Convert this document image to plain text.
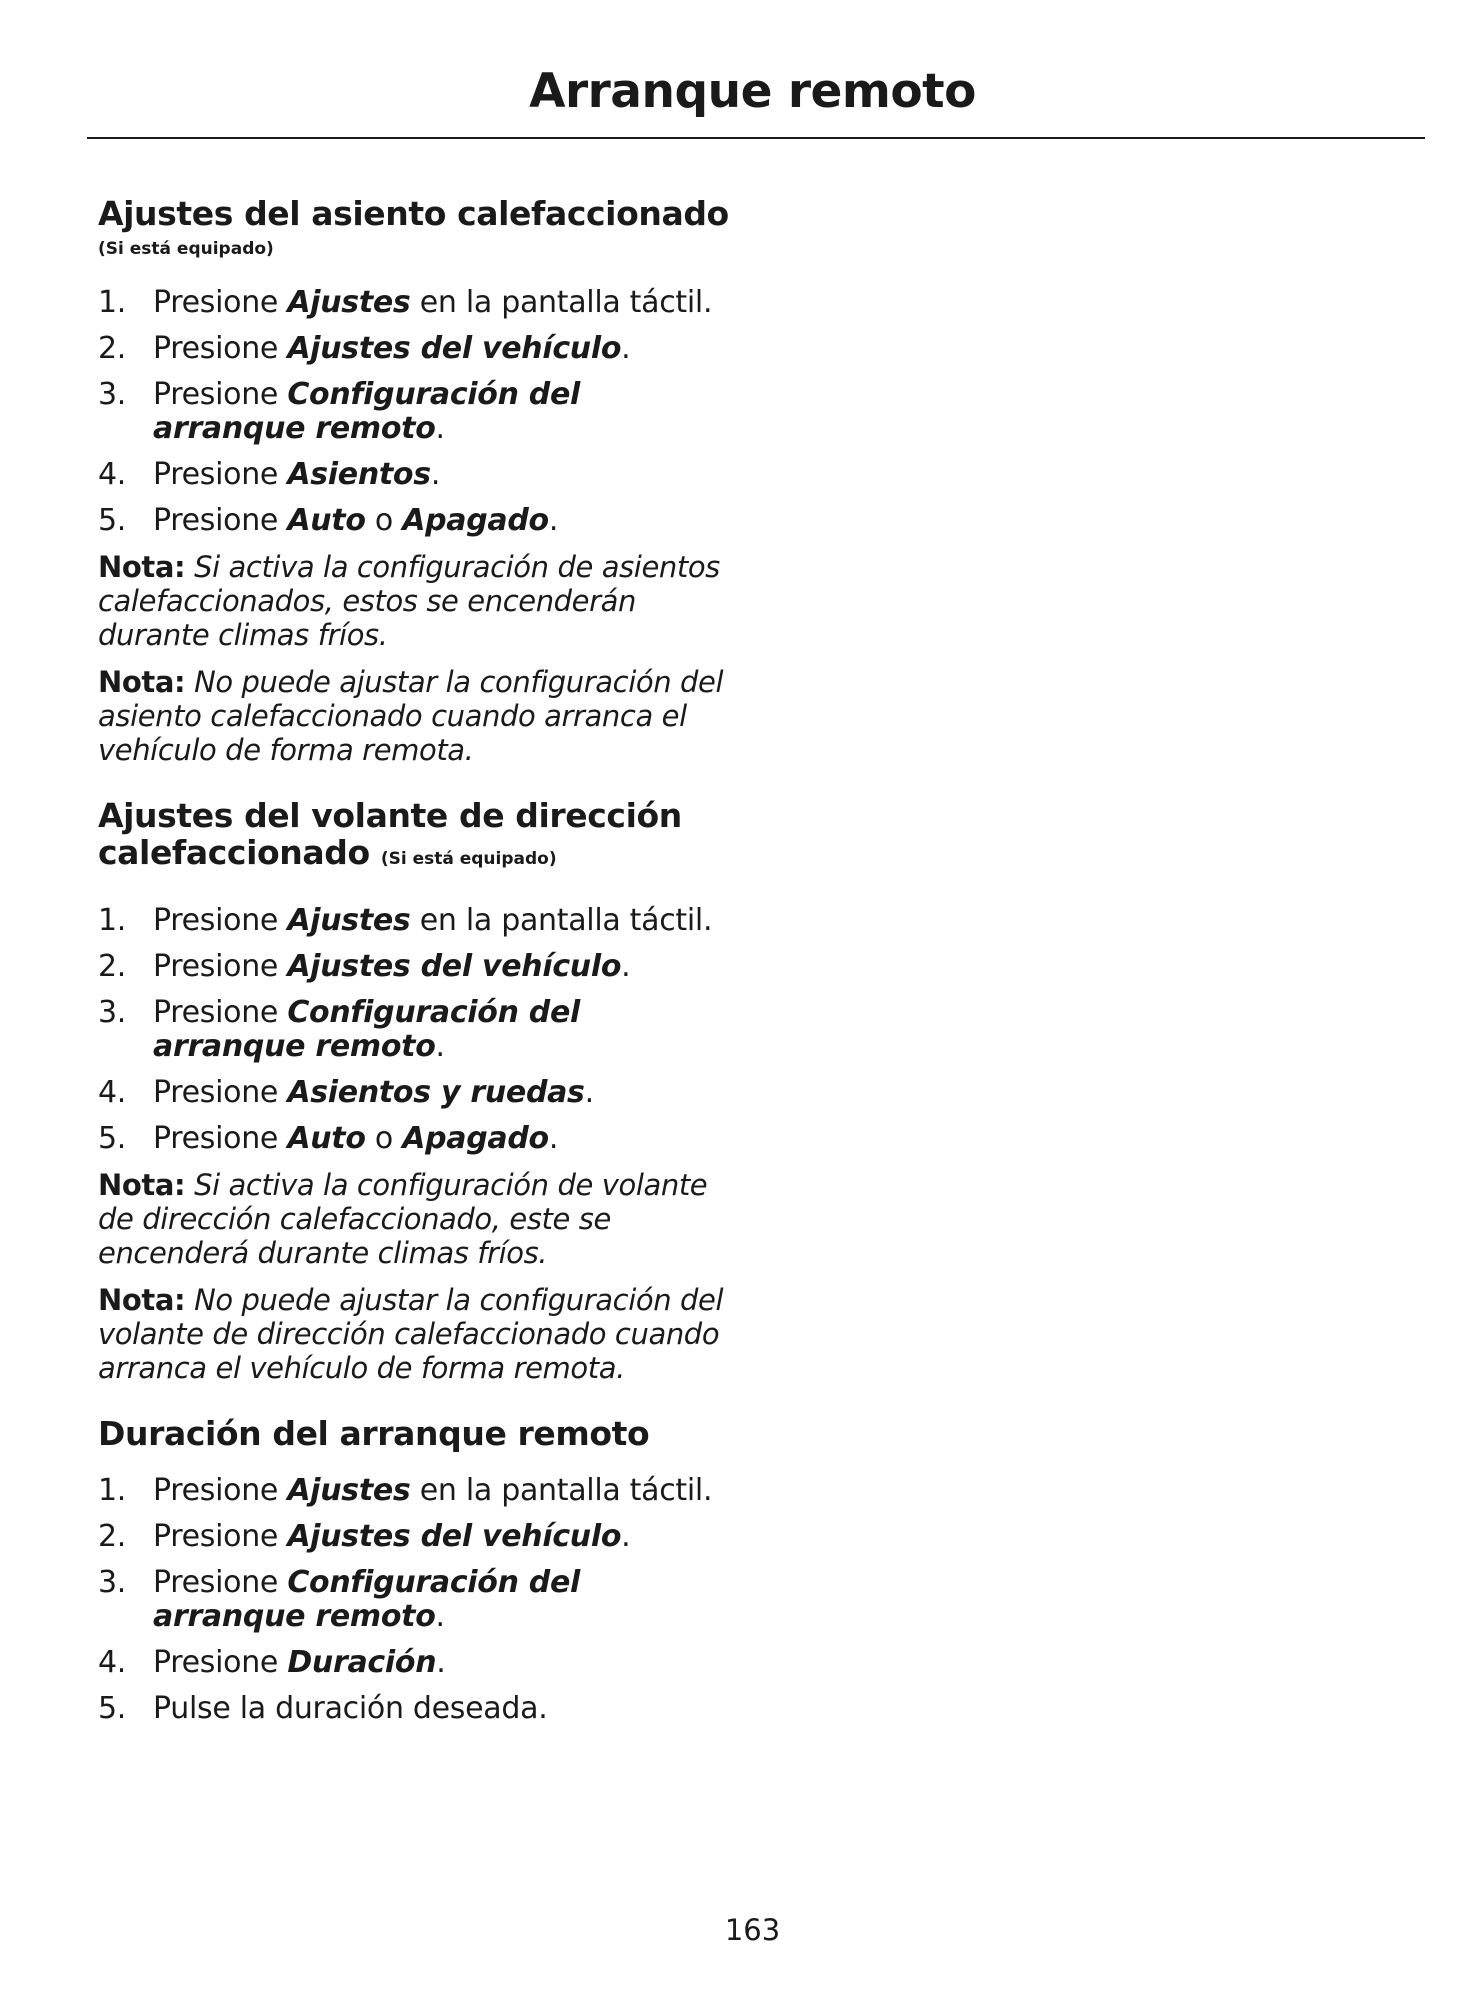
Arranque remoto
Ajustes del asiento calefaccionado
(Si está equipado)
1. Presione Ajustes en la pantalla táctil.
2. Presione Ajustes del vehículo.
3. Presione Configuración del arranque remoto.
4. Presione Asientos.
5. Presione Auto o Apagado.

Nota: Si activa la configuración de asientos calefaccionados, estos se encenderán durante climas fríos.

Nota: No puede ajustar la configuración del asiento calefaccionado cuando arranca el vehículo de forma remota.

Ajustes del volante de dirección calefaccionado (Si está equipado)
1. Presione Ajustes en la pantalla táctil.
2. Presione Ajustes del vehículo.
3. Presione Configuración del arranque remoto.
4. Presione Asientos y ruedas.
5. Presione Auto o Apagado.

Nota: Si activa la configuración de volante de dirección calefaccionado, este se encenderá durante climas fríos.

Nota: No puede ajustar la configuración del volante de dirección calefaccionado cuando arranca el vehículo de forma remota.

Duración del arranque remoto
1. Presione Ajustes en la pantalla táctil.
2. Presione Ajustes del vehículo.
3. Presione Configuración del arranque remoto.
4. Presione Duración.
5. Pulse la duración deseada.

163
